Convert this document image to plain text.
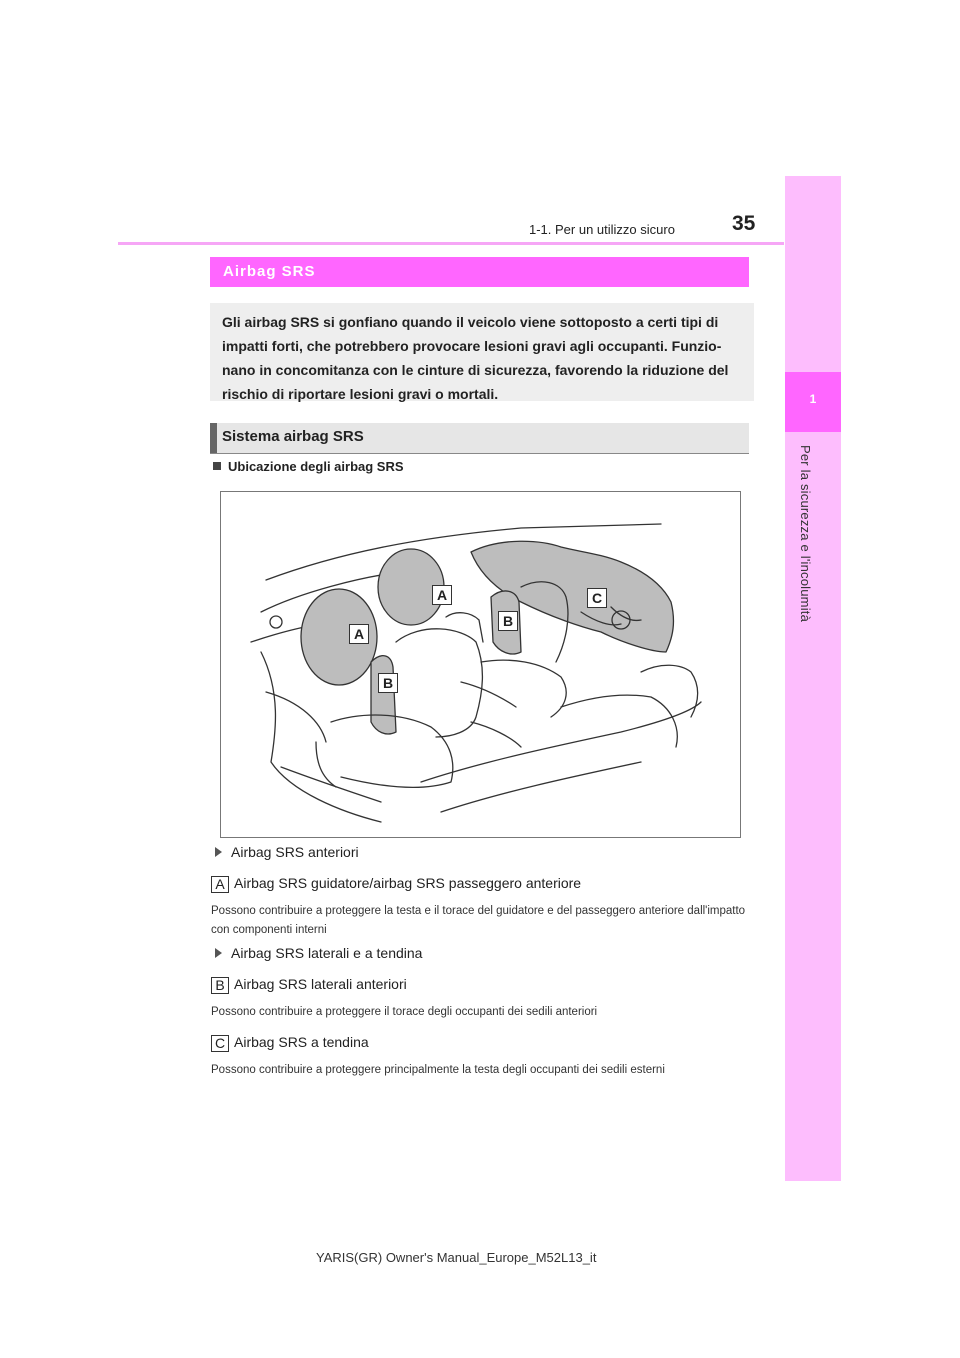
1
Per la sicurezza e l'incolumità
1-1. Per un utilizzo sicuro	35
Airbag SRS

Gli airbag SRS si gonfiano quando il veicolo viene sottoposto a certi tipi di impatti forti, che potrebbero provocare lesioni gravi agli occupanti. Funzio-nano in concomitanza con le cinture di sicurezza, favorendo la riduzione del rischio di riportare lesioni gravi o mortali.

Sistema airbag SRS
Ubicazione degli airbag SRS
A
A
B
B
C
Airbag SRS anteriori
A Airbag SRS guidatore/airbag SRS passeggero anteriore
Possono contribuire a proteggere la testa e il torace del guidatore e del passeggero anteriore dall'impatto con componenti interni
Airbag SRS laterali e a tendina
B Airbag SRS laterali anteriori
Possono contribuire a proteggere il torace degli occupanti dei sedili anteriori
C Airbag SRS a tendina
Possono contribuire a proteggere principalmente la testa degli occupanti dei sedili esterni
YARIS(GR) Owner's Manual_Europe_M52L13_it
